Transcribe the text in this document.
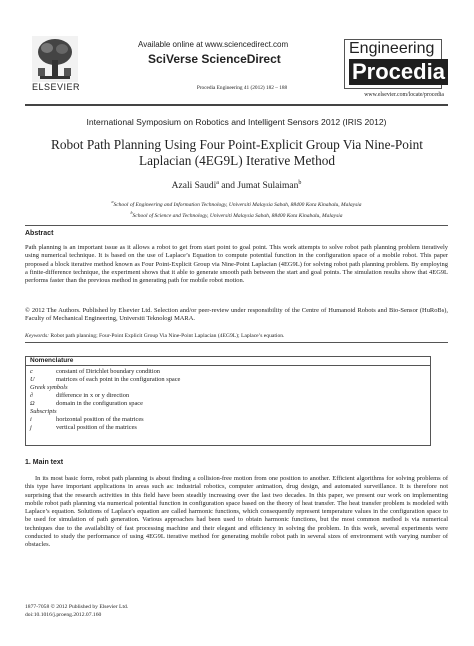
ELSEVIER
Available online at www.sciencedirect.com
SciVerse ScienceDirect
Procedia Engineering 41 (2012) 182 – 188
Engineering
Procedia
www.elsevier.com/locate/procedia
International Symposium on Robotics and Intelligent Sensors 2012 (IRIS 2012)
Robot Path Planning Using Four Point-Explicit Group Via Nine-Point Laplacian (4EG9L) Iterative Method
Azali Saudi$^a$ and Jumat Sulaiman$^b$
$^a$School of Engineering and Information Technology, Universiti Malaysia Sabah, 88400 Kota Kinabalu, Malaysia
$^b$School of Science and Technology, Universiti Malaysia Sabah, 88400 Kota Kinabalu, Malaysia
Abstract
Path planning is an important issue as it allows a robot to get from start point to goal point. This work attempts to solve robot path planning problem iteratively using numerical technique. It is based on the use of Laplace’s Equation to compute potential function in the configuration space of a mobile robot. This paper proposed a block iterative method known as Four Point-Explicit Group via Nine-Point Laplacian (4EG9L) for solving robot path planning problem. By employing a finite-difference technique, the experiment shows that it able to generate smooth path between the start and goal points. The simulation results show that 4EG9L performs faster than the previous method in generating path for mobile robot motion.
© 2012 The Authors. Published by Elsevier Ltd. Selection and/or peer-review under responsibility of the Centre of Humanoid Robots and Bio-Sensor (HuRoBs), Faculty of Mechanical Engineering, Universiti Teknologi MARA.
Keywords: Robot path planning; Four-Point Explicit Group Via Nine-Point Laplacian (4EG9L); Laplace’s equation.
Nomenclature
c	constant of Dirichlet boundary condition
U	matrices of each point in the configuration space
Greek symbols
∂	difference in x or y direction
Ω	domain in the configuration space
Subscripts
i	horizontal position of the matrices
j	vertical position of the matrices
1. Main text
In its most basic form, robot path planning is about finding a collision-free motion from one position to another. Efficient algorithms for solving problems of this type have important applications in areas such as: industrial robotics, computer animation, drug design, and automated surveillance. It is therefore not surprising that the research activities in this field have been steadily increasing over the last two decades. In this paper, we present our work on implementing mobile robot path planning via numerical potential function in configuration space based on the theory of heat transfer. The heat transfer problem is modeled with Laplace’s equation. Solutions of Laplace's equation are called harmonic functions, which consequently represent temperature values in the configuration space to be used for simulation of path generation. Various approaches had been used to obtain harmonic functions, but the most common method is via numerical techniques due to the availability of fast processing machine and their elegant and efficiency in solving the problem. In this work, several experiments were conducted to study the performance of using 4EG9L iterative method for generating mobile robot path in several sizes of environment with varying number of obstacles.
1877-7058 © 2012 Published by Elsevier Ltd.
doi:10.1016/j.proeng.2012.07.160
